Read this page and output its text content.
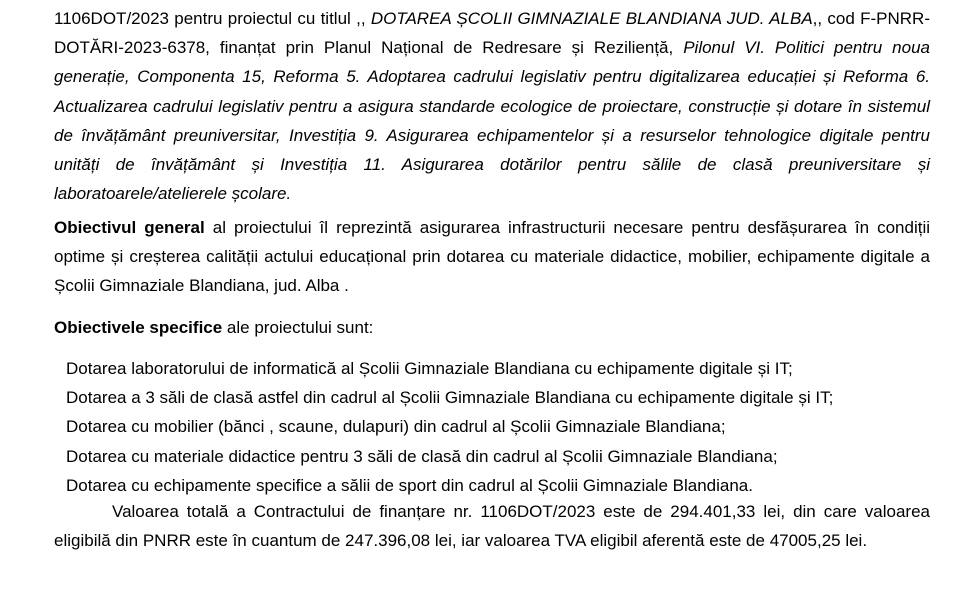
1106DOT/2023 pentru proiectul cu titlul ,, DOTAREA ȘCOLII GIMNAZIALE BLANDIANA JUD. ALBA,, cod F-PNRR-DOTĂRI-2023-6378, finanțat prin Planul Național de Redresare și Reziliență, Pilonul VI. Politici pentru noua generație, Componenta 15, Reforma 5. Adoptarea cadrului legislativ pentru digitalizarea educației și Reforma 6. Actualizarea cadrului legislativ pentru a asigura standarde ecologice de proiectare, construcție și dotare în sistemul de învățământ preuniversitar, Investiția 9. Asigurarea echipamentelor și a resurselor tehnologice digitale pentru unități de învățământ și Investiția 11. Asigurarea dotărilor pentru sălile de clasă preuniversitare și laboratoarele/atelierele școlare.

Obiectivul general al proiectului îl reprezintă asigurarea infrastructurii necesare pentru desfășurarea în condiții optime și creșterea calității actului educațional prin dotarea cu materiale didactice, mobilier, echipamente digitale a Școlii Gimnaziale Blandiana, jud. Alba .

Obiectivele specifice ale proiectului sunt:

Dotarea laboratorului de informatică al Școlii Gimnaziale Blandiana cu echipamente digitale și IT;
Dotarea a 3 săli de clasă astfel din cadrul al Școlii Gimnaziale Blandiana cu echipamente digitale și IT;
Dotarea cu mobilier (bănci , scaune, dulapuri) din cadrul al Școlii Gimnaziale Blandiana;
Dotarea cu materiale didactice pentru 3 săli de clasă din cadrul al Școlii Gimnaziale Blandiana;
Dotarea cu echipamente specifice a sălii de sport din cadrul al Școlii Gimnaziale Blandiana.

Valoarea totală a Contractului de finanțare nr. 1106DOT/2023 este de 294.401,33 lei, din care valoarea eligibilă din PNRR este în cuantum de 247.396,08 lei, iar valoarea TVA eligibil aferentă este de 47005,25 lei.
